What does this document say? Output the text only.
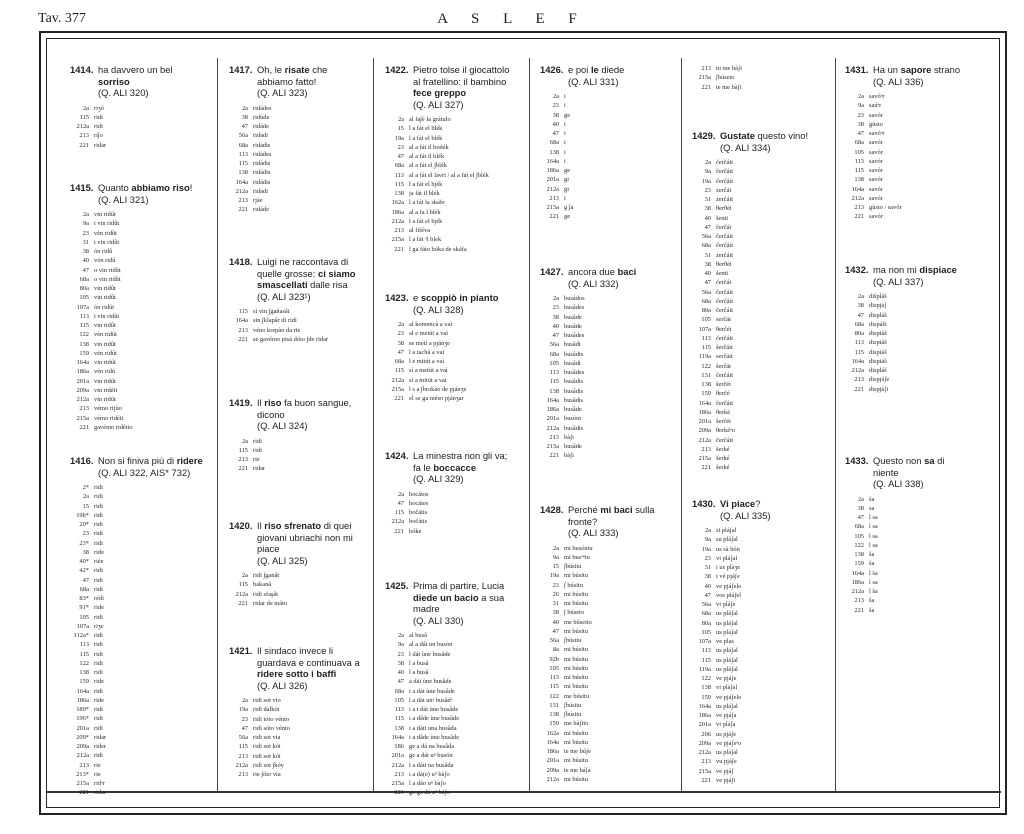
Tav. 377	A S L E F
1414. ha davvero un bel sorriso
(Q. ALI 320)
2a riʒó
115 ridi
212a ridi
213 rí∫o
221 ridar
1415. Quanto abbiamo riso!
(Q. ALI 321)
2a vin ridút
9a i vin ridût
23 vèn ridût
31 i vin ridût
38 ón ridû
40 vón ridú
47 o vin ridût
68a o vin ridût
80a vin ridût
105 vin ridût
107a ón ridút
113 i vin ridût
115 vin ridût
122 vèn ridût
138 vin ridût
159 vèn ridút
164a vin ridút
186a vèn ridú
201a vin ridút
209a vin ridéit
212a vin ridút
213 vémo rijùo
215a vémo ridéit
221 gavémo ridéito
1416. Non si finiva più di ridere
(Q. ALI 322, AIS* 732)
2* ridi
2a ridi
15 ridi
19b* ridi
20* ridi
23 ridi
23* ridi
38 ride
40* rièe
42* ridi
47 ridi
68a ridi
83* rédi
91* ride
105 ridi
107a riʒe
112a* ridi
113 ridi
115 ridi
122 ridi
138 ridi
159 ride
164a ridi
186a ride
189* ridi
196* ridi
201a ridi
209* ridar
209a rider
212a ridi
213 rie
213* rie
215a ridᵊr
221 ridar
1417. Oh, le risate che abbiamo fatto!
(Q. ALI 323)
2a ridádes
38 ridúde
47 ridáde
56a ridádi
68a ridádis
113 ridádes
115 ridádis
138 ridádis
164a ridádis
212a ridádi
213 rjàe
221 ridáde
1418. Luigi ne raccontava di quelle grosse: ci siamo smascellati dalle risa
(Q. ALI 323¹)
115 sì vin ∫gañasât
164a sin ∫klapâr di ridi
213 véno krepào da rie
221 se gavémo pisà dóio ∫de ridar
1419. Il riso fa buon sangue, dicono
(Q. ALI 324)
2a ridi
115 ridi
213 rie
221 ridar
1420. Il riso sfrenato di quei giovani ubriachi non mi piace
(Q. ALI 325)
2a ridi ∫ganât
115 bakanâ
212a ridi sfaşât
221 ridar de máto
1421. Il sindaco invece li guardava e continuava a ridere sotto i baffi
(Q. ALI 326)
2a ridi sot vío
19a ridi dalkói
23 ridi tóto vénto
47 ridi sóto vénto
56a ridi sot via
115 ridi sot kói
213 ridi sot kói
212a ridi sot ∫kóy
213 rie ∫óto via
1422. Pietro tolse il giocattolo al fratellino: il bambino fece greppo
(Q. ALI 327)
2a al fa∫è la grátulo
15 l a fát el blék
19a l a fát el blék
23 al a fát il bodék
47 al a fát il blék
68a al a fát el ∫blék
113 al a fát el lávri / al a fát el ∫blék
115 l a fát el bjék
138 ja fát il blék
162a l a fát la skáfe
186a al a fa l blék
212a l a fát el bjék
213 al fiféva
215a l a fát ᵊl blek
221 l ga fáto bóka de skáfa
1423. e scoppiò in pianto
(Q. ALI 328)
2a al komencà a vaì
23 al e metút a vaì
38 se metì a pjánʒe
47 l a tachà a vai
68a l e mitút a vaì
115 sì a metùt a vaì
212a sì a mitút a vai
215a l s a ∫brokào de pjánʒe
221 el se ga méso pjánʒar
1424. La minestra non gli va; fa le boccacce
(Q. ALI 329)
2a bocátos
47 bocátes
115 bočátis
212a bočátis
221 bóke
1425. Prima di partire, Lucia diede un bacio a sua madre
(Q. ALI 330)
2a al busâ
9a al a dât un busón
23 l dát ùne busâde
38 l a busâ
40 l a busâ
47 a dát ùne busâde
68a i a dát ùne busâde
105 l a dát unᵊ busâdᵊ
113 i a i dát ùne busâde
115 i a dâde ùne busâde
138 i a dáti una busâda
164a i a dâde ùne busâde
186 ge a dá na busâda
201a ge a dát uⁿ busón
212a l a dáti na busâda
213 i a dá(e) uⁿ bàʃo
215a l a dáo uⁿ bàʃo
221 ge ga dá uⁿ bàʃo
1426. e poi le diede
(Q. ALI 331)
2a i
23 i
38 ġe
40 i
47 i
68a i
138 i
164a i
186a ge
201a gi
212a ġi
213 i
215a g ĵa
221 ge
1427. ancora due baci
(Q. ALI 332)
2a busádos
23 busâdes
38 busâde
40 busâde
47 busâdes
56a busâdi
68a busâdis
105 busâdi
113 busâdes
115 busâdis
138 busâdis
164a busâdis
186a busâde
201a busóni
212a busâdis
213 bàʃi
215a busâde
221 bàʃi
1428. Perché mi baci sulla fronte?
(Q. ALI 333)
2a mi busóntu
9a mi busᵊⁿtu
15 ∫búsitu
19a mi búsitu
23 ∫ búsitu
26 mi búsitu
31 mi búsitu
38 ∫ búseto
40 me búseito
47 mi búsitu
56a ∫búsitu
8a mi búsitu
92b mi búsitu
105 mi búsitu
113 mi búsitu
115 mi búsitu
122 me búsitu
131 ∫búsitu
138 ∫búsitu
159 me bàʃito
162a mi búsitu
164a mi búsitu
186a te me búʃe
201a mi búsitu
209a te me báʃa
212a mi búsitu
213 tu me bàʃi
215a ∫búseto
221 te me bàʃi
1429. Gustate questo vino!
(Q. ALI 334)
2a čerčáit
9a čerčáit
19a čerčáit
23 zerčát
31 zerčáit
38 θerθéi
40 šenti
47 čerčát
56a čerčáit
68a čerčáit
31 zerčáit
38 θerθéi
40 šenti
47 čerčát
56a čerčáit
68a čerčáit
80a čerčáit
105 serčát
107a θerčét
113 čerčáit
115 šerčáit
119a serčáit
122 šerčát
131 čerčáit
138 šerčét
159 θerčé
164a čerčáit
186a θerké
201a šerčét
209a θerkéᵊo
212a čerčáit
213 šerké
215a šerké
221 šerké
1430. Vi piace?
(Q. ALI 335)
2a si pláʃal
9a su pláʃal
19a us sà bón
23 vi pláʃal
31 i us plàʒe
38 i vé pjáʃe
40 ve pjáʃelo
47 vos pláʃel
56a vi pláʃe
68a us pláʃal
80a us pláʃal
105 us pláʃal
107a ve plas
113 us pláʃal
115 us pláʃal
119a us pláʃal
122 ve pjáʃe
138 vi pláʃal
159 ve pjáʃelo
164a us pláʃal
186a ve pjáʃa
201a vi pláʃa
206 us pjáʃe
209a ve pjáʃeᵊo
212a us pláʃal
213 vu pjáʃe
215a ve pjáʃ
221 ve pjáʃi
1431. Ha un sapore strano
(Q. ALI 336)
2a savóᵊr
9a saúᵊr
23 savór
38 gùsto
47 savóᵊr
68a savór
105 savór
113 savór
115 savór
138 savór
164a savór
212a savór
213 gùsto / savór
221 savór
1432. ma non mi dispiace
(Q. ALI 337)
2a dišpláš
38 dispjáʃ
47 displáš
68a dispáši
80a dispiáš
113 dispiáš
115 dispiáš
164a dispiáš
212a displáš
213 dispjáʃe
221 dispjáʃi
1433. Questo non sa di niente
(Q. ALI 338)
2a ša
38 sa
47 l sa
68a l sa
105 l sa
122 l sa
138 ša
159 ša
164a l ša
186a l sa
212a l ša
213 ša
221 ša
